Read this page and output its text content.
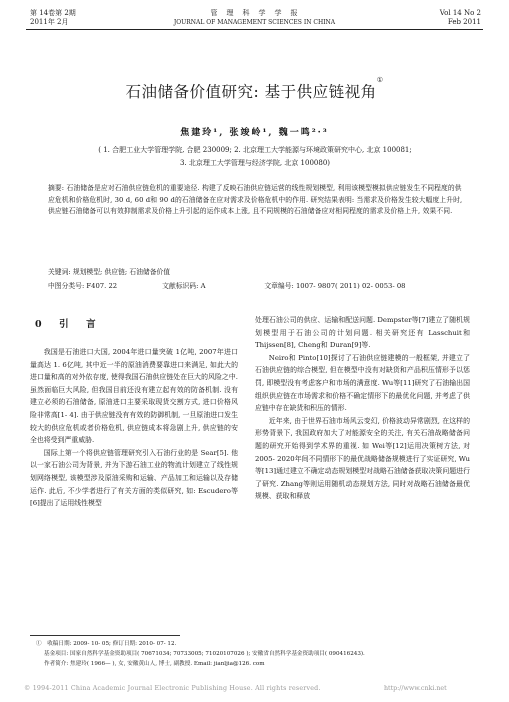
第 14卷第 2期
2011年 2月
管　理　科　学　学　报
JOURNAL OF MANAGEMENT SCIENCES IN CHINA
Vol 14 No 2
Feb 2011
石油储备价值研究: 基于供应链视角①
焦建玲¹, 张竣岭¹, 魏一鸣²·³
( 1. 合肥工业大学管理学院, 合肥 230009; 2. 北京理工大学能源与环境政策研究中心, 北京 100081;
3. 北京理工大学管理与经济学院, 北京 100080)
摘要: 石油储备是应对石油供应链危机的重要途径. 构建了反映石油供应链运营的线性规划模型, 利用该模型模拟供应链发生不同程度的供应危机和价格危机时, 30 d, 60 d和 90 d的石油储备在应对需求及价格危机中的作用. 研究结果表明: 当需求及价格发生较大幅度上升时, 供应链石油储备可以有效抑制需求及价格上升引起的运作成本上涨, 且不同规模的石油储备应对相同程度的需求及价格上升, 效果不同.
关键词: 规划模型; 供应链; 石油储备价值
中图分类号: F407. 22	文献标识码: A	文章编号: 1007- 9807( 2011) 02- 0053- 08
0　引　言

我国是石油进口大国, 2004年进口量突破 1亿吨, 2007年进口量高达 1. 6亿吨, 其中近一半的原油消费要靠进口来满足, 如此大的进口量和高的对外依存度, 使得我国石油供应链处在巨大的风险之中. 虽然面临巨大风险, 但我国目前还没有建立起有效的防备机制. 没有建立必须的石油储备, 原油进口主要采取现货交割方式, 进口价格风险非常高[1- 4]. 由于供应链没有有效的防御机制, 一旦原油进口发生较大的供应危机或者价格危机, 供应链成本将急剧上升, 供应链的安全也将受到严重威胁.

国际上第一个将供应链管理研究引入石油行业的是 Sear[5]. 他以一家石油公司为背景, 并为下游石油工业的物流计划建立了线性规划网络模型, 该模型涉及原油采购和运输、产品加工和运输以及存储运作. 此后, 不少学者进行了有关方面的类似研究, 如: Escudero等[6]提出了运用线性模型

处理石油公司的供应、运输和配送问题. Dempster等[7]建立了随机规划模型用于石油公司的计划问题. 相关研究还有 Lasschuit和 Thijssen[8], Cheng和 Duran[9]等.

Neiro和 Pinto[10]探讨了石油供应链建模的一般框架, 并建立了石油供应链的综合模型, 但在模型中没有对缺货和产品积压情形予以惩罚, 即模型没有考虑客户和市场的满意度. Wu等[11]研究了石油输出国组织供应链在市场需求和价格不确定情形下的最优化问题, 并考虑了供应链中存在缺货和积压的情形.

近年来, 由于世界石油市场风云变幻, 价格波动异常剧烈, 在这样的形势背景下, 我国政府加大了对能源安全的关注, 有关石油战略储备问题的研究开始得到学术界的重视. 如 Wei等[12]运用决策树方法, 对 2005- 2020年间不同情形下的最优战略储备规模进行了实证研究, Wu等[13]通过建立不确定动态规划模型对战略石油储备获取决策问题进行了研究. Zhang等则运用随机动态规划方法, 同时对战略石油储备最优规模、获取和释放

①　收稿日期: 2009- 10- 05; 修订日期: 2010- 07- 12.
基金项目: 国家自然科学基金资助项目( 70671034; 70733005; 71020107026 ); 安徽省自然科学基金资助项目( 090416243).
作者简介: 焦建玲( 1966— ), 女, 安徽黄山人, 博士, 副教授. Email: jianljia@126. com
© 1994-2011 China Academic Journal Electronic Publishing House. All rights reserved.	http://www.cnki.net
